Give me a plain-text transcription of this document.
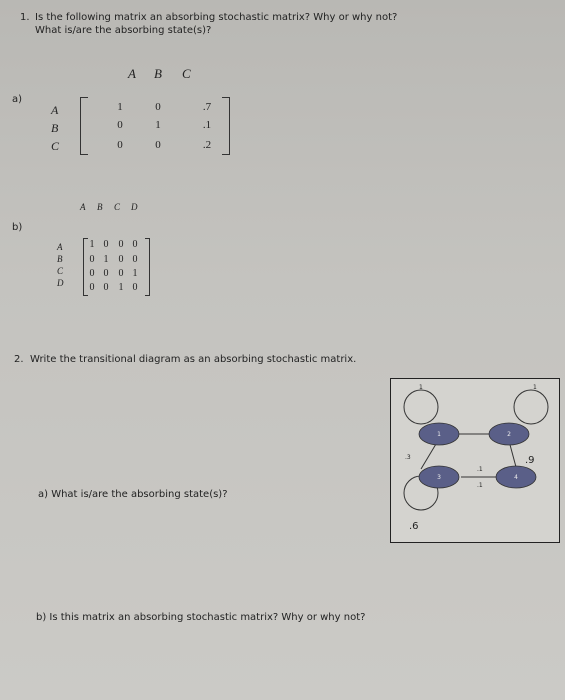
1. Is the following matrix an absorbing stochastic matrix? Why or why not?
What is/are the absorbing state(s)?
a)
A B C
A
B
C
1	0	.7
0	1	.1
0	0	.2
b)
A B C D
A
B
C
D
1 0	0 0
0 1	0 0
0 0	0 1
0 0	1 0
2. Write the transitional diagram as an absorbing stochastic matrix.
a) What is/are the absorbing state(s)?
b) Is this matrix an absorbing stochastic matrix? Why or why not?
1	2
3	4
1	1
.3
.1
.1
.6
.9
